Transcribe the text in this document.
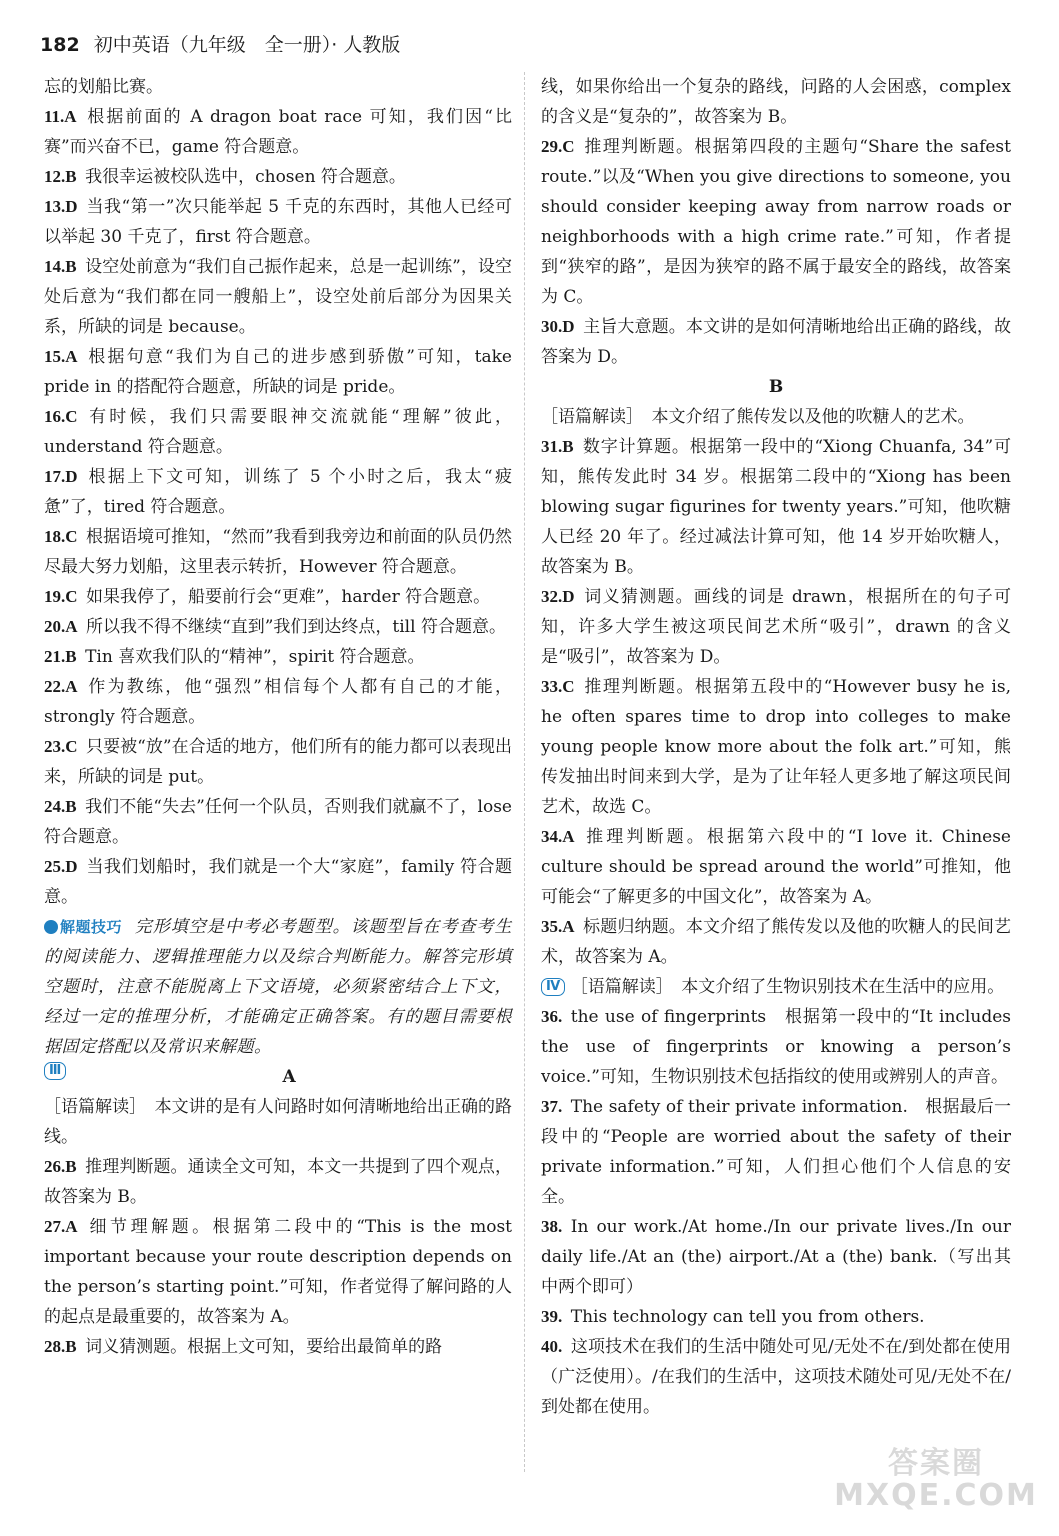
182 初中英语（九年级　全一册）· 人教版

忘的划船比赛。

11.A  根据前面的 A dragon boat race 可知，我们因“比赛”而兴奋不已，game 符合题意。

12.B  我很幸运被校队选中，chosen 符合题意。

13.D  当我“第一”次只能举起 5 千克的东西时，其他人已经可以举起 30 千克了，first 符合题意。

14.B  设空处前意为“我们自己振作起来，总是一起训练”，设空处后意为“我们都在同一艘船上”，设空处前后部分为因果关系，所缺的词是 because。

15.A  根据句意“我们为自己的进步感到骄傲”可知，take pride in 的搭配符合题意，所缺的词是 pride。

16.C  有时候，我们只需要眼神交流就能“理解”彼此，understand 符合题意。

17.D  根据上下文可知，训练了 5 个小时之后，我太“疲惫”了，tired 符合题意。

18.C  根据语境可推知，“然而”我看到我旁边和前面的队员仍然尽最大努力划船，这里表示转折，However 符合题意。

19.C  如果我停了，船要前行会“更难”，harder 符合题意。

20.A  所以我不得不继续“直到”我们到达终点，till 符合题意。

21.B  Tin 喜欢我们队的“精神”，spirit 符合题意。

22.A  作为教练，他“强烈”相信每个人都有自己的才能，strongly 符合题意。

23.C  只要被“放”在合适的地方，他们所有的能力都可以表现出来，所缺的词是 put。

24.B  我们不能“失去”任何一个队员，否则我们就赢不了，lose 符合题意。

25.D  当我们划船时，我们就是一个大“家庭”，family 符合题意。

解题技巧 完形填空是中考必考题型。该题型旨在考查考生的阅读能力、逻辑推理能力以及综合判断能力。解答完形填空题时，注意不能脱离上下文语境，必须紧密结合上下文，经过一定的推理分析，才能确定正确答案。有的题目需要根据固定搭配以及常识来解题。

Ⅲ	A

［语篇解读］　本文讲的是有人问路时如何清晰地给出正确的路线。

26.B  推理判断题。通读全文可知，本文一共提到了四个观点，故答案为 B。

27.A  细节理解题。根据第二段中的“This is the most important because your route description depends on the person’s starting point.”可知，作者觉得了解问路的人的起点是最重要的，故答案为 A。

28.B  词义猜测题。根据上文可知，要给出最简单的路

线，如果你给出一个复杂的路线，问路的人会困惑，complex 的含义是“复杂的”，故答案为 B。

29.C  推理判断题。根据第四段的主题句“Share the safest route.”以及“When you give directions to someone, you should consider keeping away from narrow roads or neighborhoods with a high crime rate.”可知，作者提到“狭窄的路”，是因为狭窄的路不属于最安全的路线，故答案为 C。

30.D  主旨大意题。本文讲的是如何清晰地给出正确的路线，故答案为 D。

B

［语篇解读］　本文介绍了熊传发以及他的吹糖人的艺术。

31.B  数字计算题。根据第一段中的“Xiong Chuanfa, 34”可知，熊传发此时 34 岁。根据第二段中的“Xiong has been blowing sugar figurines for twenty years.”可知，他吹糖人已经 20 年了。经过减法计算可知，他 14 岁开始吹糖人，故答案为 B。

32.D  词义猜测题。画线的词是 drawn，根据所在的句子可知，许多大学生被这项民间艺术所“吸引”，drawn 的含义是“吸引”，故答案为 D。

33.C  推理判断题。根据第五段中的“However busy he is, he often spares time to drop into colleges to make young people know more about the folk art.”可知，熊传发抽出时间来到大学，是为了让年轻人更多地了解这项民间艺术，故选 C。

34.A  推理判断题。根据第六段中的“I love it. Chinese culture should be spread around the world”可推知，他可能会“了解更多的中国文化”，故答案为 A。

35.A  标题归纳题。本文介绍了熊传发以及他的吹糖人的民间艺术，故答案为 A。

Ⅳ ［语篇解读］　本文介绍了生物识别技术在生活中的应用。

36.  the use of fingerprints　根据第一段中的“It includes the use of fingerprints or knowing a person’s voice.”可知，生物识别技术包括指纹的使用或辨别人的声音。

37.  The safety of their private information.　根据最后一段中的“People are worried about the safety of their private information.”可知，人们担心他们个人信息的安全。

38.  In our work./At home./In our private lives./In our daily life./At an (the) airport./At a (the) bank.（写出其中两个即可）

39.  This technology can tell you from others.

40.  这项技术在我们的生活中随处可见/无处不在/到处都在使用（广泛使用）。/在我们的生活中，这项技术随处可见/无处不在/到处都在使用。

答案圈
MXQE.COM
